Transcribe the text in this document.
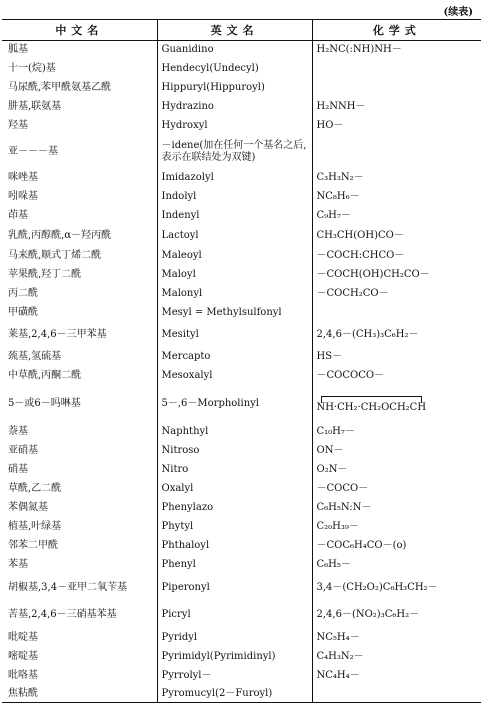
(续表)
中文名	英文名	化学式
胍基	Guanidino	H₂NC(:NH)NH－
十一(烷)基	Hendecyl(Undecyl)	
马尿酰,苯甲酰氨基乙酰	Hippuryl(Hippuroyl)	
肼基,联氨基	Hydrazino	H₂NNH－
羟基	Hydroxyl	HO－
亚－－－基	－idene(加在任何一个基名之后,
表示在联结处为双键)	

咪唑基	Imidazolyl	C₃H₃N₂－
吲哚基	Indolyl	NC₈H₆－
茚基	Indenyl	C₉H₇－
乳酰,丙醇酰,α－羟丙酰	Lactoyl	CH₃CH(OH)CO－
马来酰,顺式丁烯二酰	Maleoyl	－COCH:CHCO－
苹果酰,羟丁二酰	Maloyl	－COCH(OH)CH₂CO－
丙二酰	Malonyl	－COCH₂CO－
甲磺酰	Mesyl = Methylsulfonyl	
莱基,2,4,6－三甲苯基	Mesityl	2,4,6－(CH₃)₃C₆H₂－
巯基,氢硫基	Mercapto	HS－
中草酰,丙酮二酰	Mesoxalyl	－COCOCO－
5－或6－吗啉基	5－,6－Morpholinyl	NH·CH₂·CH₂OCH₂CH
萘基	Naphthyl	C₁₀H₇－
亚硝基	Nitroso	ON－
硝基	Nitro	O₂N－
草酰,乙二酰	Oxalyl	－COCO－
苯偶氮基	Phenylazo	C₆H₅N:N－
植基,叶绿基	Phytyl	C₂₀H₃₉－
邻苯二甲酰	Phthaloyl	－COC₆H₄CO－(o)
苯基	Phenyl	C₆H₅－
胡椒基,3,4－亚甲二氧苄基	Piperonyl	3,4－(CH₂O₂)C₆H₃CH₂－
苦基,2,4,6－三硝基苯基	Picryl	2,4,6－(NO₂)₃C₆H₂－
吡啶基	Pyridyl	NC₅H₄－
嘧啶基	Pyrimidyl(Pyrimidinyl)	C₄H₃N₂－
吡咯基	Pyrrolyl－	NC₄H₄－
焦粘酰	Pyromucyl(2－Furoyl)	
